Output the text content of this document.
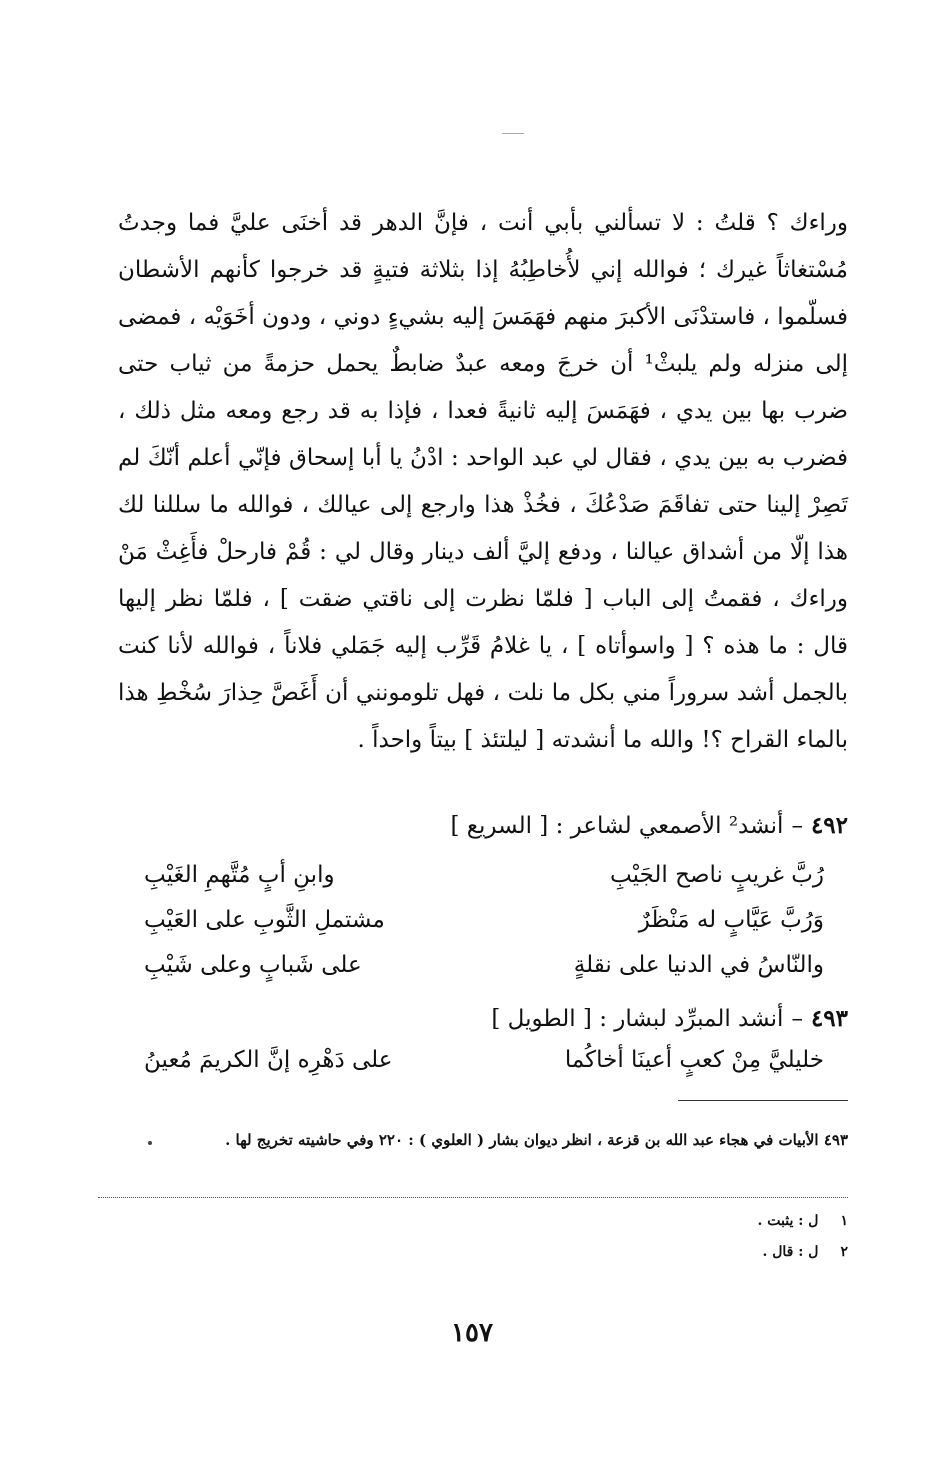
وراءك ؟ قلتُ : لا تسألني بأبي أنت ، فإنَّ الدهر قد أخنَى عليَّ فما وجدتُ مُسْتغاثاً غيرك ؛ فوالله إني لأُخاطِبُهُ إذا بثلاثة فتيةٍ قد خرجوا كأنهم الأشطان فسلّموا ، فاستدْنَى الأكبرَ منهم فهَمَسَ إليه بشيءٍ دوني ، ودون أخَوَيْه ، فمضى إلى منزله ولم يلبثْ¹ أن خرجَ ومعه عبدٌ ضابطٌ يحمل حزمةً من ثياب حتى ضرب بها بين يدي ، فهَمَسَ إليه ثانيةً فعدا ، فإذا به قد رجع ومعه مثل ذلك ، فضرب به بين يدي ، فقال لي عبد الواحد : ادْنُ يا أبا إسحاق فإنّي أعلم أنّكَ لم تَصِرْ إلينا حتى تفاقَمَ صَدْعُكَ ، فخُذْ هذا وارجع إلى عيالك ، فوالله ما سللنا لك هذا إلّا من أشداق عيالنا ، ودفع إليَّ ألف دينار وقال لي : قُمْ فارحلْ فأَغِثْ مَنْ وراءك ، فقمتُ إلى الباب [ فلمّا نظرت إلى ناقتي ضقت ] ، فلمّا نظر إليها قال : ما هذه ؟ [ واسوأتاه ] ، يا غلامُ قَرِّب إليه جَمَلي فلاناً ، فوالله لأنا كنت بالجمل أشد سروراً مني بكل ما نلت ، فهل تلومونني أن أَغَصَّ حِذارَ سُخْطِ هذا بالماء القراح ؟! والله ما أنشدته [ ليلتئذ ] بيتاً واحداً .

٤٩٢–أنشد² الأصمعي لشاعر : [ السريع ]
رُبَّ غريبٍ ناصح الجَيْبِ
وابنِ أبٍ مُتَّهمِ الغَيْبِ
وَرُبَّ عَيَّابٍ له مَنْظَرٌ
مشتملِ الثَّوبِ على العَيْبِ
والنّاسُ في الدنيا على نقلةٍ
على شَبابٍ وعلى شَيْبِ
٤٩٣–أنشد المبرِّد لبشار : [ الطويل ]
خليليَّ مِنْ كعبٍ أعينَا أخاكُما
على دَهْرِه إنَّ الكريمَ مُعينُ
٤٩٣ الأبيات في هجاء عبد الله بن قزعة ، انظر ديوان بشار ( العلوي ) : ٢٢٠ وفي حاشيته تخريج لها .
١ل : يثبت .
٢ل : قال .
١٥٧
